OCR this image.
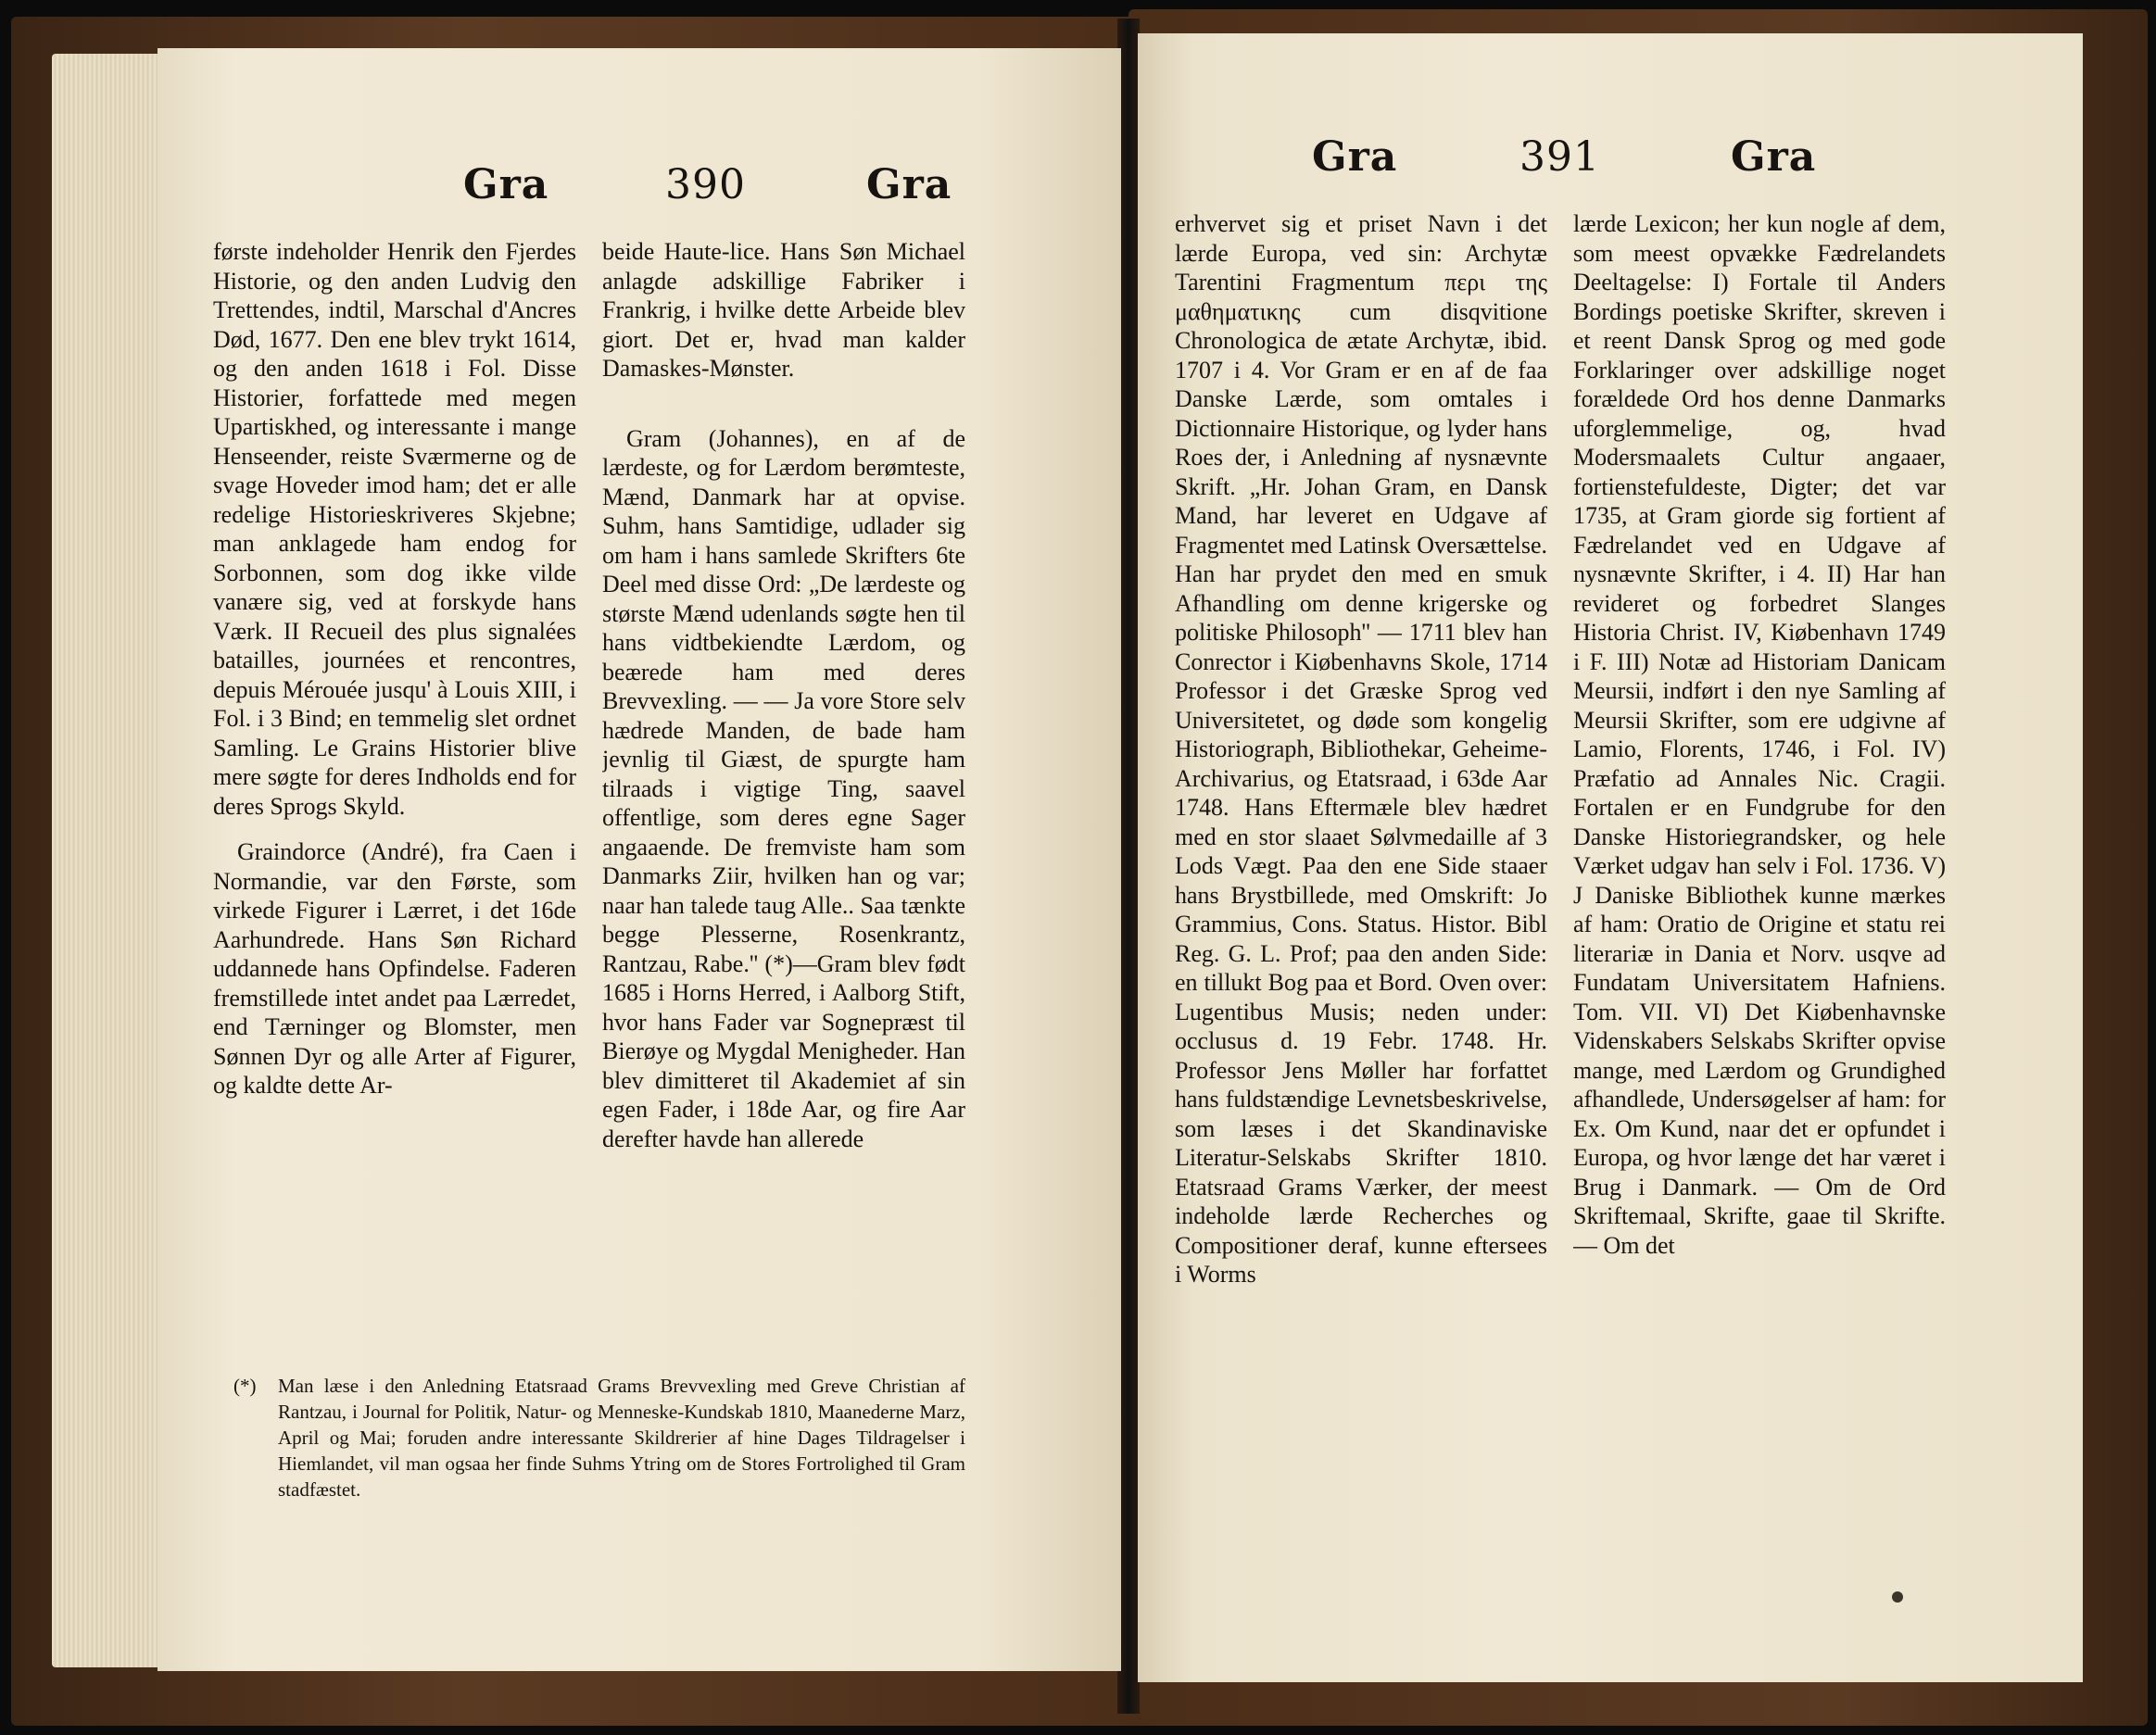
Gra	390	Gra

første indeholder Henrik den Fjerdes Historie, og den anden Ludvig den Trettendes, indtil, Marschal d'Ancres Død, 1677. Den ene blev trykt 1614, og den anden 1618 i Fol. Disse Historier, forfattede med megen Upartiskhed, og interessante i mange Henseender, reiste Sværmerne og de svage Hoveder imod ham; det er alle redelige Historieskriveres Skjebne; man anklagede ham endog for Sorbonnen, som dog ikke vilde vanære sig, ved at forskyde hans Værk. II Recueil des plus signalées batailles, journées et rencontres, depuis Mérouée jusqu' à Louis XIII, i Fol. i 3 Bind; en temmelig slet ordnet Samling. Le Grains Historier blive mere søgte for deres Indholds end for deres Sprogs Skyld.

Graindorce (André), fra Caen i Normandie, var den Første, som virkede Figurer i Lærret, i det 16de Aarhundrede. Hans Søn Richard uddannede hans Opfindelse. Faderen fremstillede intet andet paa Lærredet, end Tærninger og Blomster, men Sønnen Dyr og alle Arter af Figurer, og kaldte dette Ar-

beide Haute-lice. Hans Søn Michael anlagde adskillige Fabriker i Frankrig, i hvilke dette Arbeide blev giort. Det er, hvad man kalder Damaskes-Mønster.

Gram (Johannes), en af de lærdeste, og for Lærdom berømteste, Mænd, Danmark har at opvise. Suhm, hans Samtidige, udlader sig om ham i hans samlede Skrifters 6te Deel med disse Ord: „De lærdeste og største Mænd udenlands søgte hen til hans vidtbekiendte Lærdom, og beærede ham med deres Brevvexling. — — Ja vore Store selv hædrede Manden, de bade ham jevnlig til Giæst, de spurgte ham tilraads i vigtige Ting, saavel offentlige, som deres egne Sager angaaende. De fremviste ham som Danmarks Ziir, hvilken han og var; naar han talede taug Alle.. Saa tænkte begge Plesserne, Rosenkrantz, Rantzau, Rabe.'' (*)—Gram blev født 1685 i Horns Herred, i Aalborg Stift, hvor hans Fader var Sognepræst til Bierøye og Mygdal Menigheder. Han blev dimitteret til Akademiet af sin egen Fader, i 18de Aar, og fire Aar derefter havde han allerede

(*) Man læse i den Anledning Etatsraad Grams Brevvexling med Greve Christian af Rantzau, i Journal for Politik, Natur- og Menneske-Kundskab 1810, Maanederne Marz, April og Mai; foruden andre interessante Skildrerier af hine Dages Tildragelser i Hiemlandet, vil man ogsaa her finde Suhms Ytring om de Stores Fortrolighed til Gram stadfæstet.
Gra	391	Gra

erhvervet sig et priset Navn i det lærde Europa, ved sin: Archytæ Tarentini Fragmentum περι της μαθηματικης cum disqvitione Chronologica de ætate Archytæ, ibid. 1707 i 4. Vor Gram er en af de faa Danske Lærde, som omtales i Dictionnaire Historique, og lyder hans Roes der, i Anledning af nysnævnte Skrift. „Hr. Johan Gram, en Dansk Mand, har leveret en Udgave af Fragmentet med Latinsk Oversættelse. Han har prydet den med en smuk Afhandling om denne krigerske og politiske Philosoph'' — 1711 blev han Conrector i Kiøbenhavns Skole, 1714 Professor i det Græske Sprog ved Universitetet, og døde som kongelig Historiograph, Bibliothekar, Geheime-Archivarius, og Etatsraad, i 63de Aar 1748. Hans Eftermæle blev hædret med en stor slaaet Sølvmedaille af 3 Lods Vægt. Paa den ene Side staaer hans Brystbillede, med Omskrift: Jo Grammius, Cons. Status. Histor. Bibl Reg. G. L. Prof; paa den anden Side: en tillukt Bog paa et Bord. Oven over: Lugentibus Musis; neden under: occlusus d. 19 Febr. 1748. Hr. Professor Jens Møller har forfattet hans fuldstændige Levnetsbeskrivelse, som læses i det Skandinaviske Literatur-Selskabs Skrifter 1810. Etatsraad Grams Værker, der meest indeholde lærde Recherches og Compositioner deraf, kunne eftersees i Worms

lærde Lexicon; her kun nogle af dem, som meest opvække Fædrelandets Deeltagelse: I) Fortale til Anders Bordings poetiske Skrifter, skreven i et reent Dansk Sprog og med gode Forklaringer over adskillige noget forældede Ord hos denne Danmarks uforglemmelige, og, hvad Modersmaalets Cultur angaaer, fortienstefuldeste, Digter; det var 1735, at Gram giorde sig fortient af Fædrelandet ved en Udgave af nysnævnte Skrifter, i 4. II) Har han revideret og forbedret Slanges Historia Christ. IV, Kiøbenhavn 1749 i F. III) Notæ ad Historiam Danicam Meursii, indført i den nye Samling af Meursii Skrifter, som ere udgivne af Lamio, Florents, 1746, i Fol. IV) Præfatio ad Annales Nic. Cragii. Fortalen er en Fundgrube for den Danske Historiegrandsker, og hele Værket udgav han selv i Fol. 1736. V) J Daniske Bibliothek kunne mærkes af ham: Oratio de Origine et statu rei literariæ in Dania et Norv. usqve ad Fundatam Universitatem Hafniens. Tom. VII. VI) Det Kiøbenhavnske Videnskabers Selskabs Skrifter opvise mange, med Lærdom og Grundighed afhandlede, Undersøgelser af ham: for Ex. Om Kund, naar det er opfundet i Europa, og hvor længe det har været i Brug i Danmark. — Om de Ord Skriftemaal, Skrifte, gaae til Skrifte. — Om det
